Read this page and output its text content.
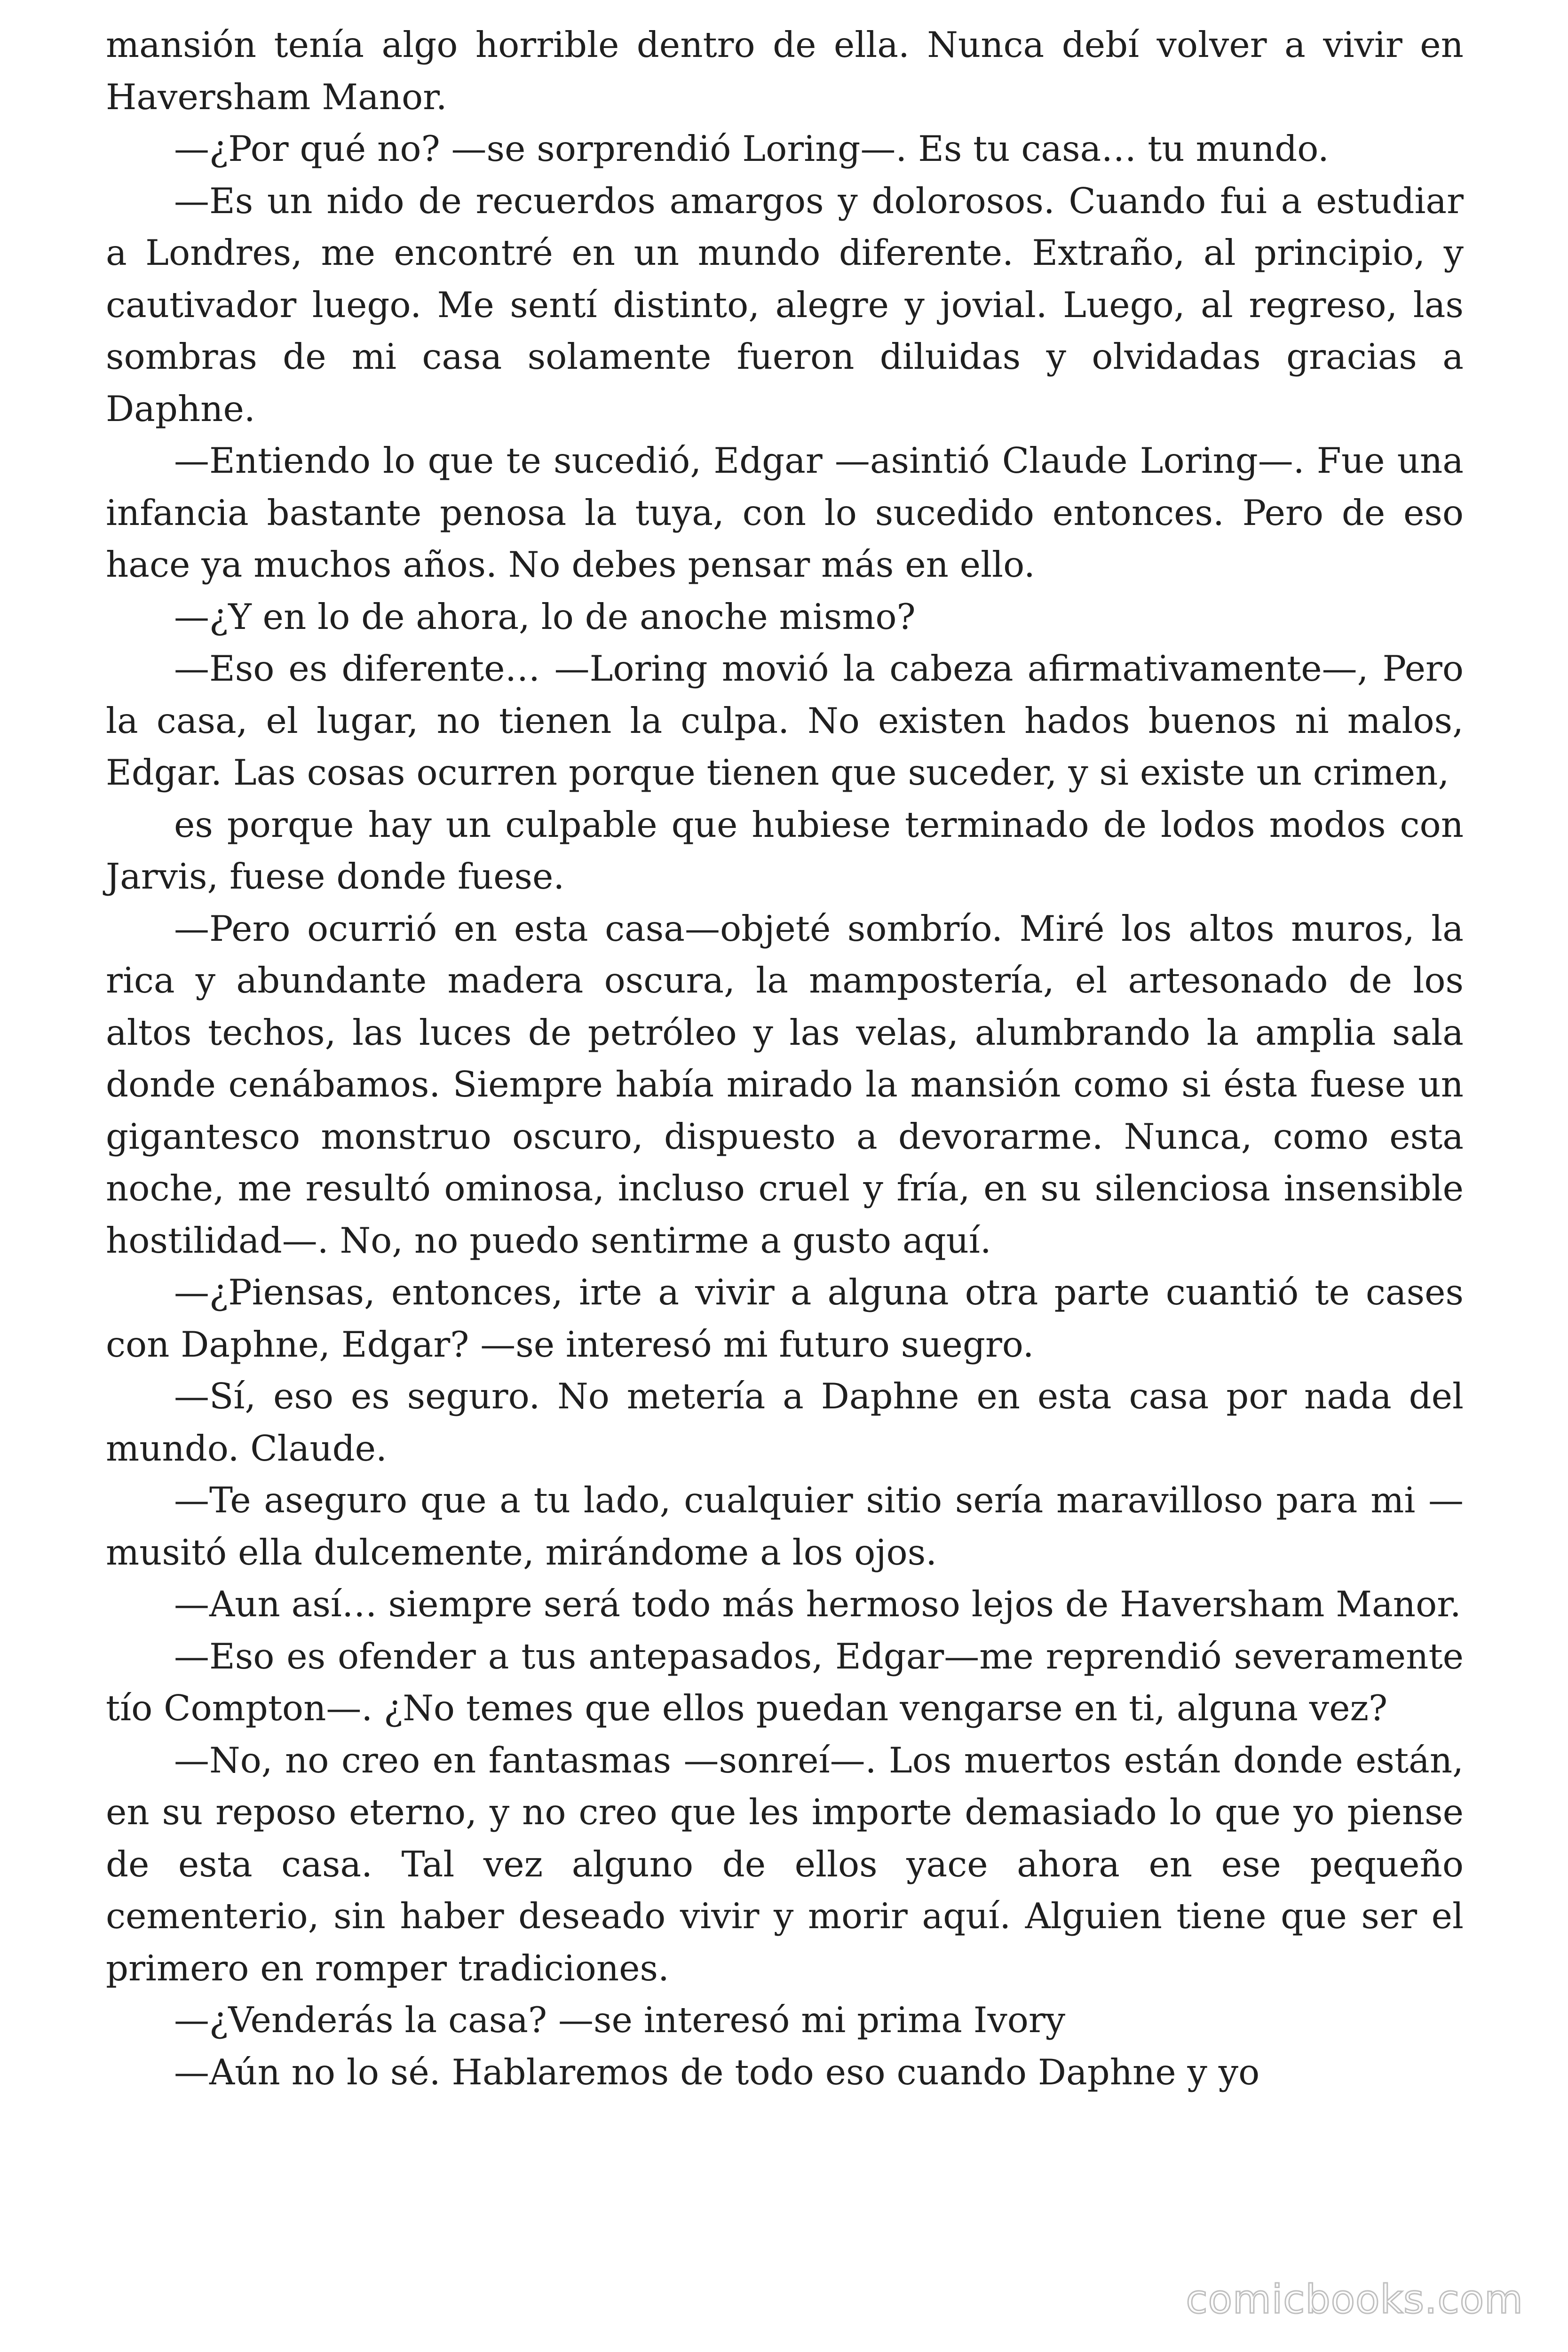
mansión tenía algo horrible dentro de ella. Nunca debí volver a vivir en Haversham Manor.

—¿Por qué no? —se sorprendió Loring—. Es tu casa… tu mundo.

—Es un nido de recuerdos amargos y dolorosos. Cuando fui a estudiar a Londres, me encontré en un mundo diferente. Extraño, al principio, y cautivador luego. Me sentí distinto, alegre y jovial. Luego, al regreso, las sombras de mi casa solamente fueron diluidas y olvidadas gracias a Daphne.

—Entiendo lo que te sucedió, Edgar —asintió Claude Loring—. Fue una infancia bastante penosa la tuya, con lo sucedido entonces. Pero de eso hace ya muchos años. No debes pensar más en ello.

—¿Y en lo de ahora, lo de anoche mismo?

—Eso es diferente… —Loring movió la cabeza afirmativamente—, Pero la casa, el lugar, no tienen la culpa. No existen hados buenos ni malos, Edgar. Las cosas ocurren porque tienen que suceder, y si existe un crimen,

es porque hay un culpable que hubiese terminado de lodos modos con Jarvis, fuese donde fuese.

—Pero ocurrió en esta casa—objeté sombrío. Miré los altos muros, la rica y abundante madera oscura, la mampostería, el artesonado de los altos techos, las luces de petróleo y las velas, alumbrando la amplia sala donde cenábamos. Siempre había mirado la mansión como si ésta fuese un gigantesco monstruo oscuro, dispuesto a devorarme. Nunca, como esta noche, me resultó ominosa, incluso cruel y fría, en su silenciosa insensible hostilidad—. No, no puedo sentirme a gusto aquí.

—¿Piensas, entonces, irte a vivir a alguna otra parte cuantió te cases con Daphne, Edgar? —se interesó mi futuro suegro.

—Sí, eso es seguro. No metería a Daphne en esta casa por nada del mundo. Claude.

—Te aseguro que a tu lado, cualquier sitio sería maravilloso para mi —musitó ella dulcemente, mirándome a los ojos.

—Aun así… siempre será todo más hermoso lejos de Haversham Manor.

—Eso es ofender a tus antepasados, Edgar—me reprendió severamente tío Compton—. ¿No temes que ellos puedan vengarse en ti, alguna vez?

—No, no creo en fantasmas —sonreí—. Los muertos están donde están, en su reposo eterno, y no creo que les importe demasiado lo que yo piense de esta casa. Tal vez alguno de ellos yace ahora en ese pequeño cementerio, sin haber deseado vivir y morir aquí. Alguien tiene que ser el primero en romper tradiciones.

—¿Venderás la casa? —se interesó mi prima Ivory

—Aún no lo sé. Hablaremos de todo eso cuando Daphne y yo

comicbooks.com
